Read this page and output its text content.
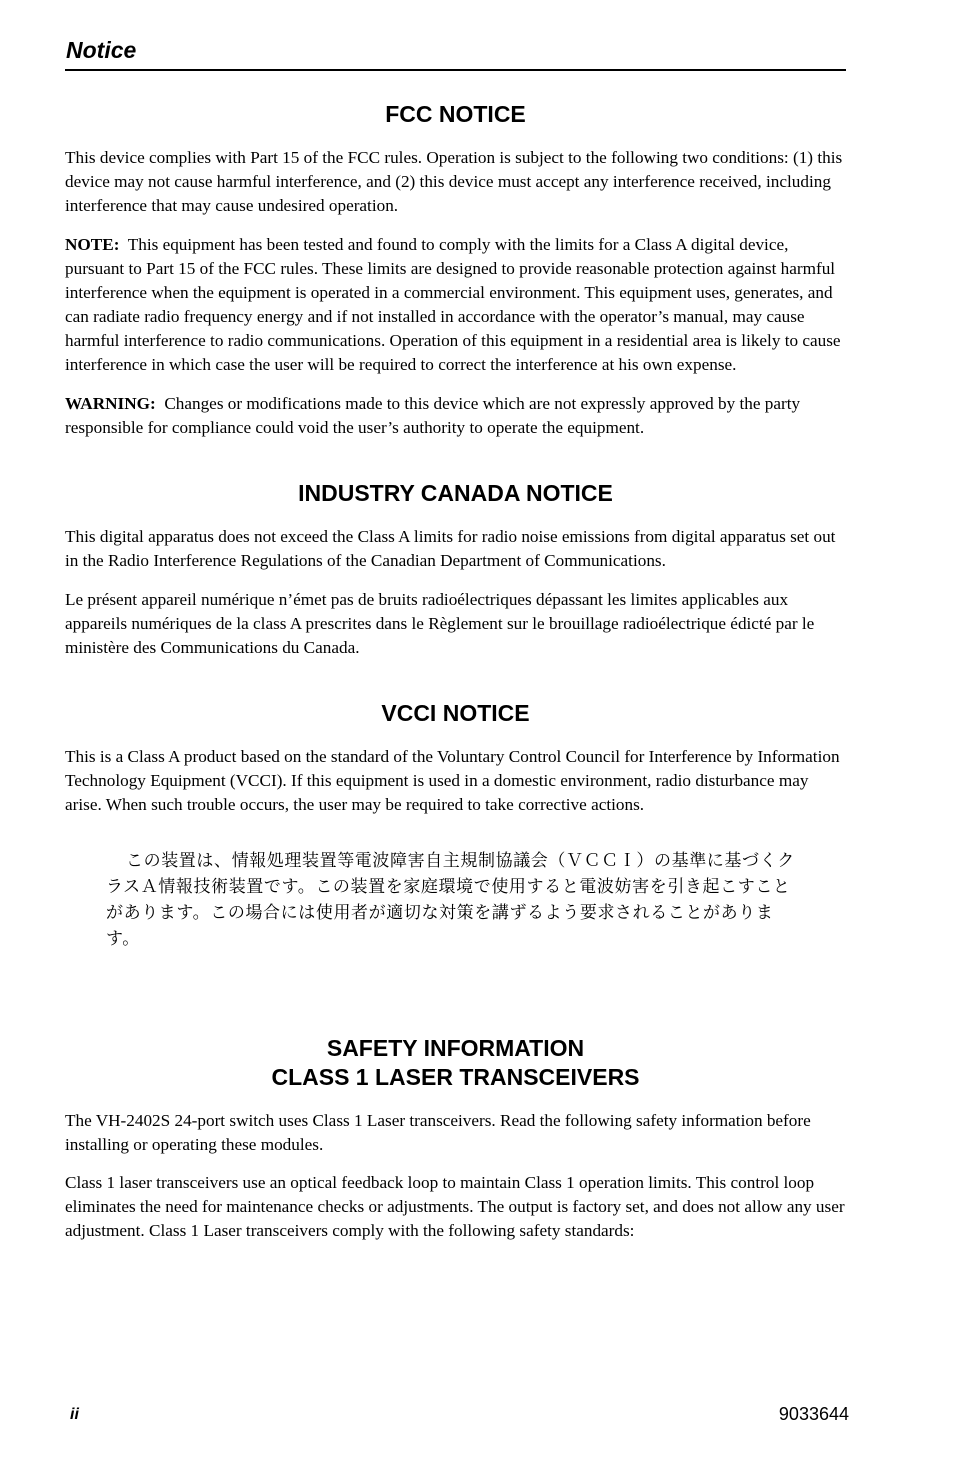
Notice
FCC NOTICE

This device complies with Part 15 of the FCC rules. Operation is subject to the following two conditions: (1) this device may not cause harmful interference, and (2) this device must accept any interference received, including interference that may cause undesired operation.

NOTE: This equipment has been tested and found to comply with the limits for a Class A digital device, pursuant to Part 15 of the FCC rules. These limits are designed to provide reasonable protection against harmful interference when the equipment is operated in a commercial environment. This equipment uses, generates, and can radiate radio frequency energy and if not installed in accordance with the operator’s manual, may cause harmful interference to radio communications. Operation of this equipment in a residential area is likely to cause interference in which case the user will be required to correct the interference at his own expense.

WARNING: Changes or modifications made to this device which are not expressly approved by the party responsible for compliance could void the user’s authority to operate the equipment.

INDUSTRY CANADA NOTICE

This digital apparatus does not exceed the Class A limits for radio noise emissions from digital apparatus set out in the Radio Interference Regulations of the Canadian Department of Communications.

Le présent appareil numérique n’émet pas de bruits radioélectriques dépassant les limites applicables aux appareils numériques de la class A prescrites dans le Règlement sur le brouillage radioélectrique édicté par le ministère des Communications du Canada.

VCCI NOTICE

This is a Class A product based on the standard of the Voluntary Control Council for Interference by Information Technology Equipment (VCCI). If this equipment is used in a domestic environment, radio disturbance may arise. When such trouble occurs, the user may be required to take corrective actions.

この装置は、情報処理装置等電波障害自主規制協議会（ＶＣＣＩ）の基準に基づくクラスＡ情報技術装置です。この装置を家庭環境で使用すると電波妨害を引き起こすことがあります。この場合には使用者が適切な対策を講ずるよう要求されることがあります。

SAFETY INFORMATION
CLASS 1 LASER TRANSCEIVERS

The VH-2402S 24-port switch uses Class 1 Laser transceivers. Read the following safety information before installing or operating these modules.

Class 1 laser transceivers use an optical feedback loop to maintain Class 1 operation limits. This control loop eliminates the need for maintenance checks or adjustments. The output is factory set, and does not allow any user adjustment. Class 1 Laser transceivers comply with the following safety standards:

ii	9033644
